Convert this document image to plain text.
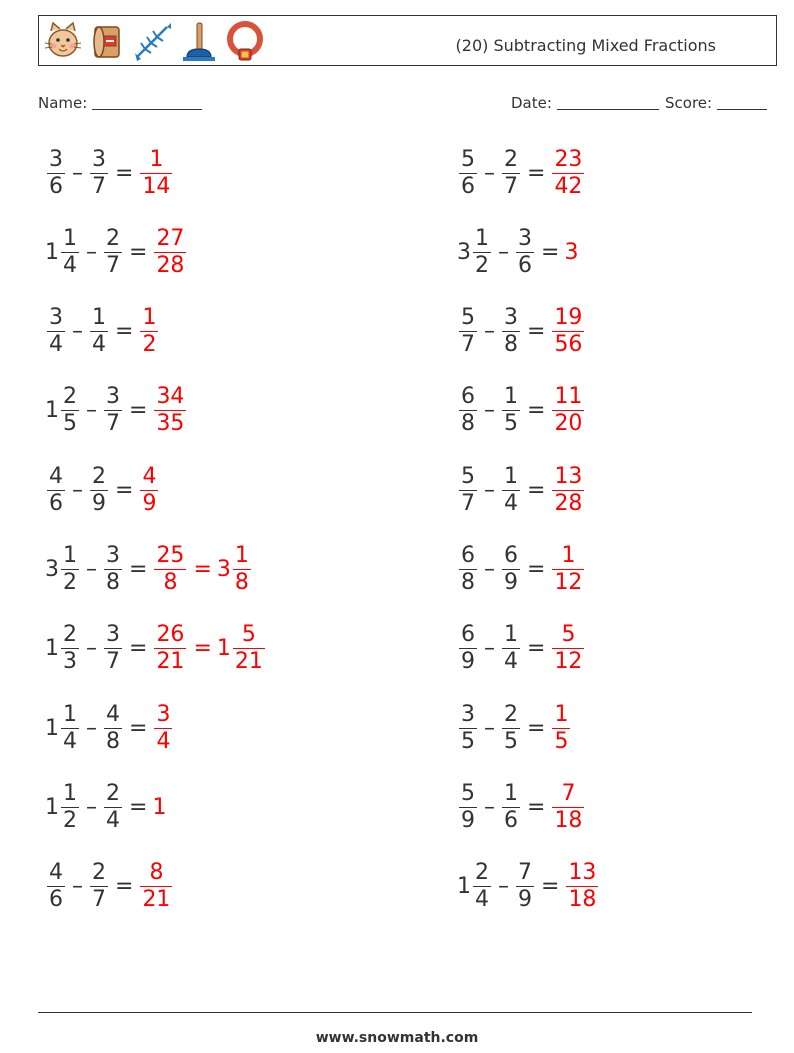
(20) Subtracting Mixed Fractions
Name:	Date:	Score:
$\frac{3}{6} - \frac{3}{7} = \frac{1}{14}$
$1 \frac{1}{4} - \frac{2}{7} = \frac{27}{28}$
$\frac{3}{4} - \frac{1}{4} = \frac{1}{2}$
$1 \frac{2}{5} - \frac{3}{7} = \frac{34}{35}$
$\frac{4}{6} - \frac{2}{9} = \frac{4}{9}$
$3 \frac{1}{2} - \frac{3}{8} = \frac{25}{8} = 3 \frac{1}{8}$
$1 \frac{2}{3} - \frac{3}{7} = \frac{26}{21} = 1 \frac{5}{21}$
$1 \frac{1}{4} - \frac{4}{8} = \frac{3}{4}$
$1 \frac{1}{2} - \frac{2}{4} = 1$
$\frac{4}{6} - \frac{2}{7} = \frac{8}{21}$
$\frac{5}{6} - \frac{2}{7} = \frac{23}{42}$
$3 \frac{1}{2} - \frac{3}{6} = 3$
$\frac{5}{7} - \frac{3}{8} = \frac{19}{56}$
$\frac{6}{8} - \frac{1}{5} = \frac{11}{20}$
$\frac{5}{7} - \frac{1}{4} = \frac{13}{28}$
$\frac{6}{8} - \frac{6}{9} = \frac{1}{12}$
$\frac{6}{9} - \frac{1}{4} = \frac{5}{12}$
$\frac{3}{5} - \frac{2}{5} = \frac{1}{5}$
$\frac{5}{9} - \frac{1}{6} = \frac{7}{18}$
$1 \frac{2}{4} - \frac{7}{9} = \frac{13}{18}$
www.snowmath.com
